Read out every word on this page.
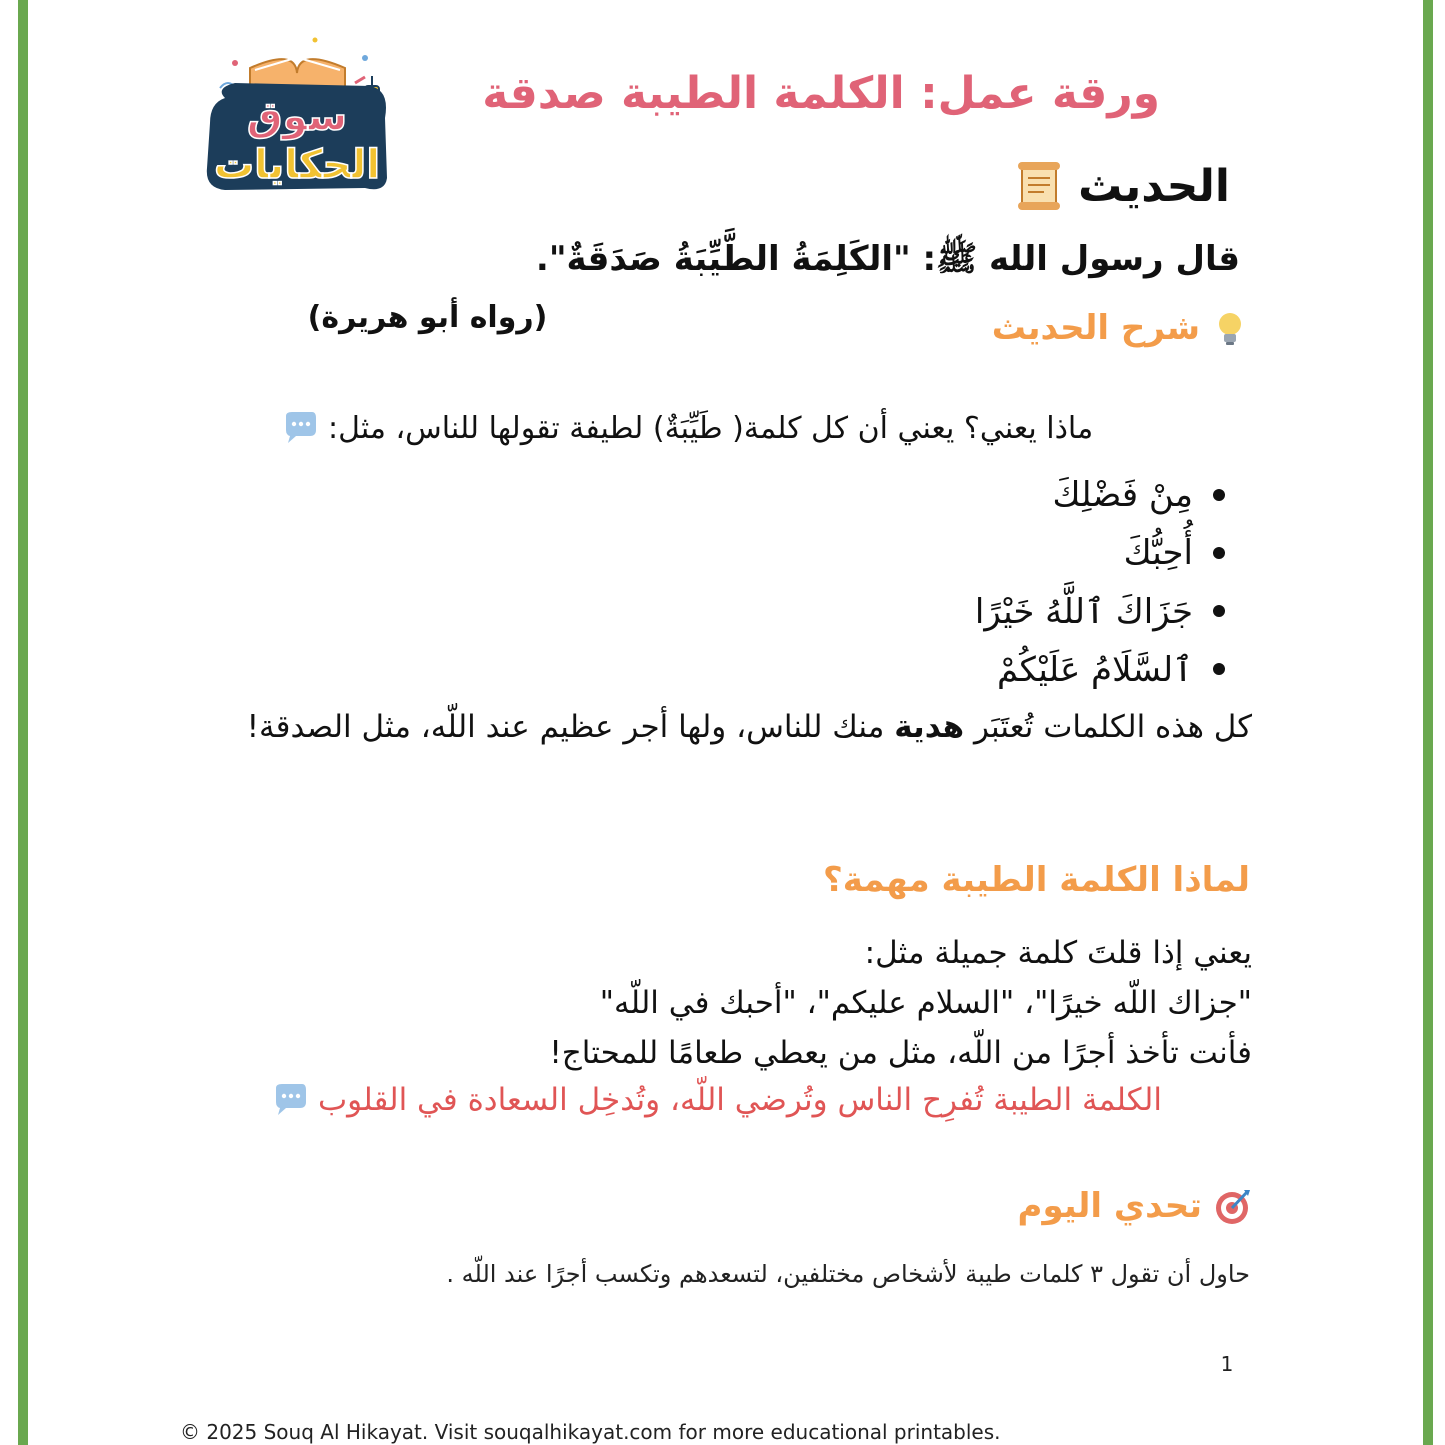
سوق
الحكايات
ورقة عمل: الكلمة الطيبة صدقة
الحديث
قال رسول الله ﷺ: "الكَلِمَةُ الطَّيِّبَةُ صَدَقَةٌ".
(رواه أبو هريرة)	شرح الحديث
ماذا يعني؟ يعني أن كل كلمة( طَيِّبَةٌ) لطيفة تقولها للناس، مثل:
مِنْ فَضْلِكَ
أُحِبُّكَ
جَزَاكَ ٱللَّهُ خَيْرًا
ٱلسَّلَامُ عَلَيْكُمْ
كل هذه الكلمات تُعتَبَر هدية منك للناس، ولها أجر عظيم عند اللّه، مثل الصدقة!
لماذا الكلمة الطيبة مهمة؟
يعني إذا قلتَ كلمة جميلة مثل:
"جزاك اللّه خيرًا"، "السلام عليكم"، "أحبك في اللّه"
فأنت تأخذ أجرًا من اللّه، مثل من يعطي طعامًا للمحتاج!
الكلمة الطيبة تُفرِح الناس وتُرضي اللّه، وتُدخِل السعادة في القلوب
تحدي اليوم
حاول أن تقول ٣ كلمات طيبة لأشخاص مختلفين، لتسعدهم وتكسب أجرًا عند اللّه .
1
© 2025 Souq Al Hikayat. Visit souqalhikayat.com for more educational printables.
